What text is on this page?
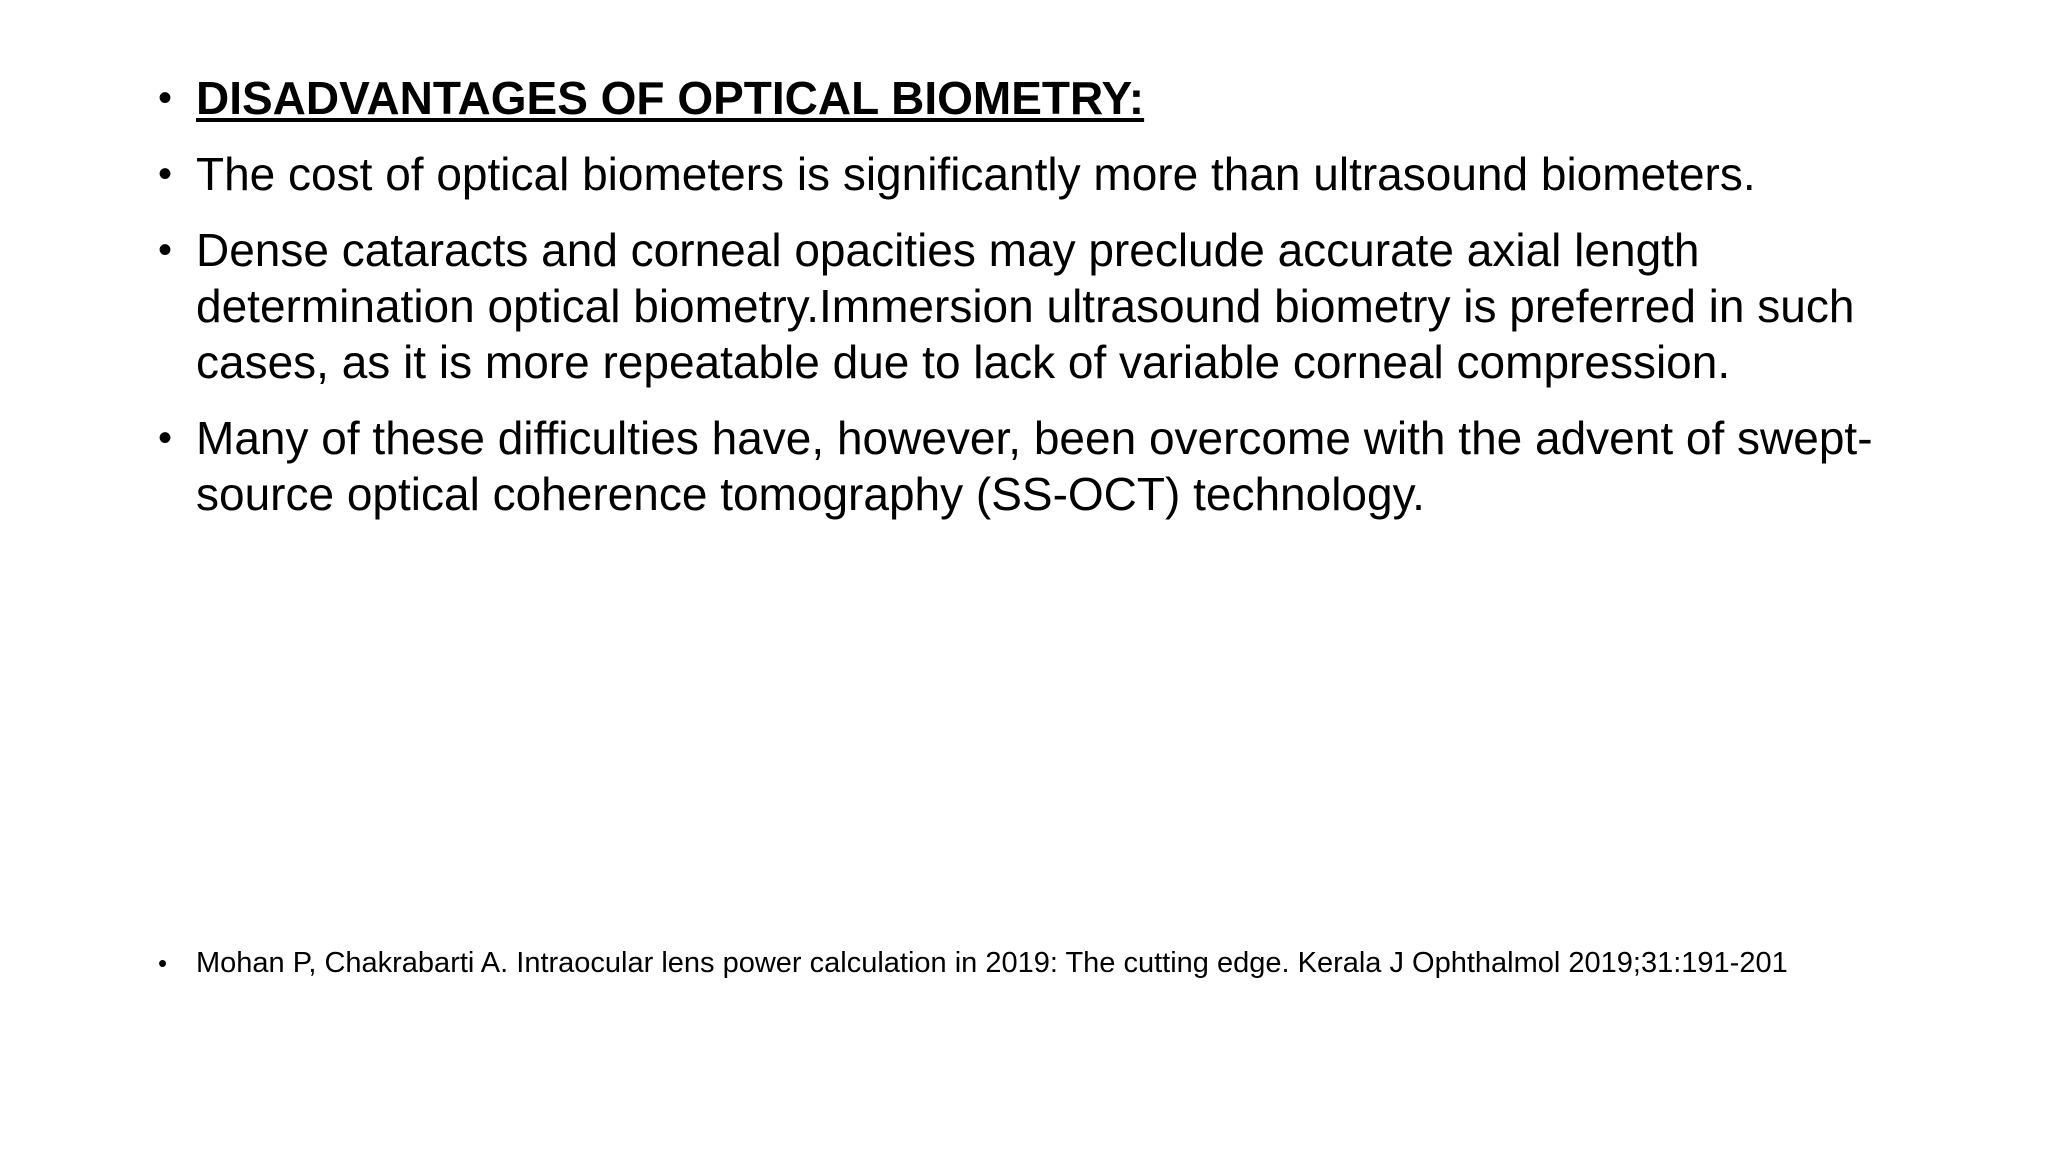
• DISADVANTAGES OF OPTICAL BIOMETRY:
• The cost of optical biometers is significantly more than ultrasound biometers.
• Dense cataracts and corneal opacities may preclude accurate axial length determination optical biometry.Immersion ultrasound biometry is preferred in such cases, as it is more repeatable due to lack of variable corneal compression.
• Many of these difficulties have, however, been overcome with the advent of swept-source optical coherence tomography (SS-OCT) technology.
• Mohan P, Chakrabarti A. Intraocular lens power calculation in 2019: The cutting edge. Kerala J Ophthalmol 2019;31:191-201
